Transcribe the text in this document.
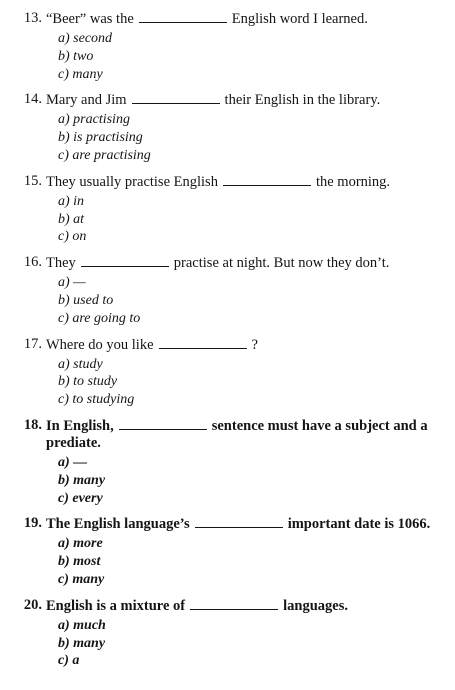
13. “Beer” was the	English word I learned.
a) second
b) two
c) many
14. Mary and Jim	their English in the library.
a) practising
b) is practising
c) are practising
15. They usually practise English	the morning.
a) in
b) at
c) on
16. They	practise at night. But now they don’t.
a) —
b) used to
c) are going to
17. Where do you like	?
a) study
b) to study
c) to studying
18. In English,	sentence must have a subject and a prediate.
a) —
b) many
c) every
19. The English language’s	important date is 1066.
a) more
b) most
c) many
20. English is a mixture of	languages.
a) much
b) many
c) a
